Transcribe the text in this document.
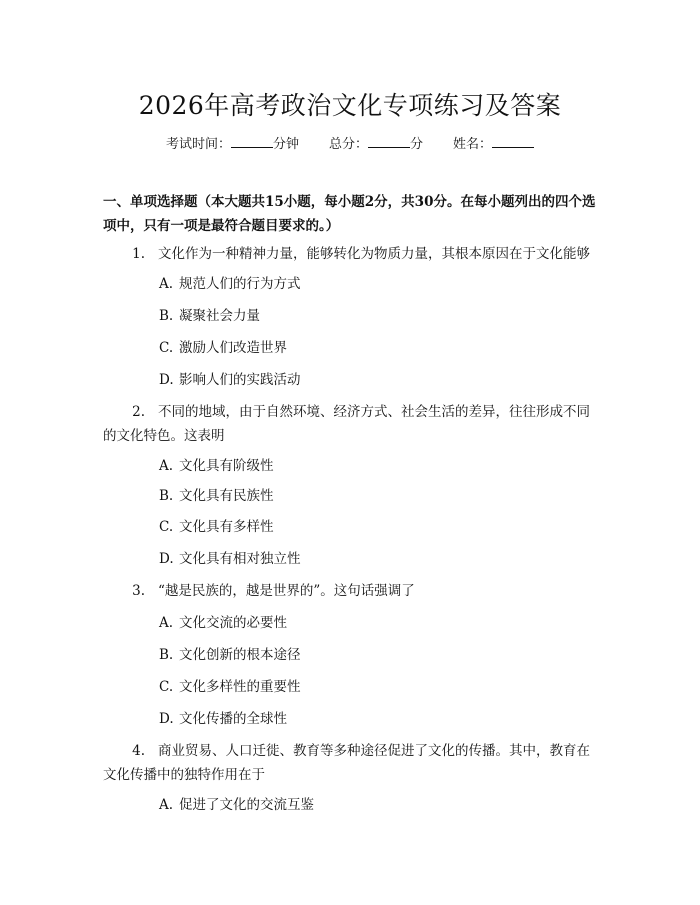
2026年高考政治文化专项练习及答案
考试时间：	分钟 总分：	分 姓名：
一、单项选择题（本大题共15小题，每小题2分，共30分。在每小题列出的四个选项中，只有一项是最符合题目要求的。）
1. 文化作为一种精神力量，能够转化为物质力量，其根本原因在于文化能够
A. 规范人们的行为方式
B. 凝聚社会力量
C. 激励人们改造世界
D. 影响人们的实践活动
2. 不同的地域，由于自然环境、经济方式、社会生活的差异，往往形成不同的文化特色。这表明
A. 文化具有阶级性
B. 文化具有民族性
C. 文化具有多样性
D. 文化具有相对独立性
3. “越是民族的，越是世界的”。这句话强调了
A. 文化交流的必要性
B. 文化创新的根本途径
C. 文化多样性的重要性
D. 文化传播的全球性
4. 商业贸易、人口迁徙、教育等多种途径促进了文化的传播。其中，教育在文化传播中的独特作用在于
A. 促进了文化的交流互鉴
